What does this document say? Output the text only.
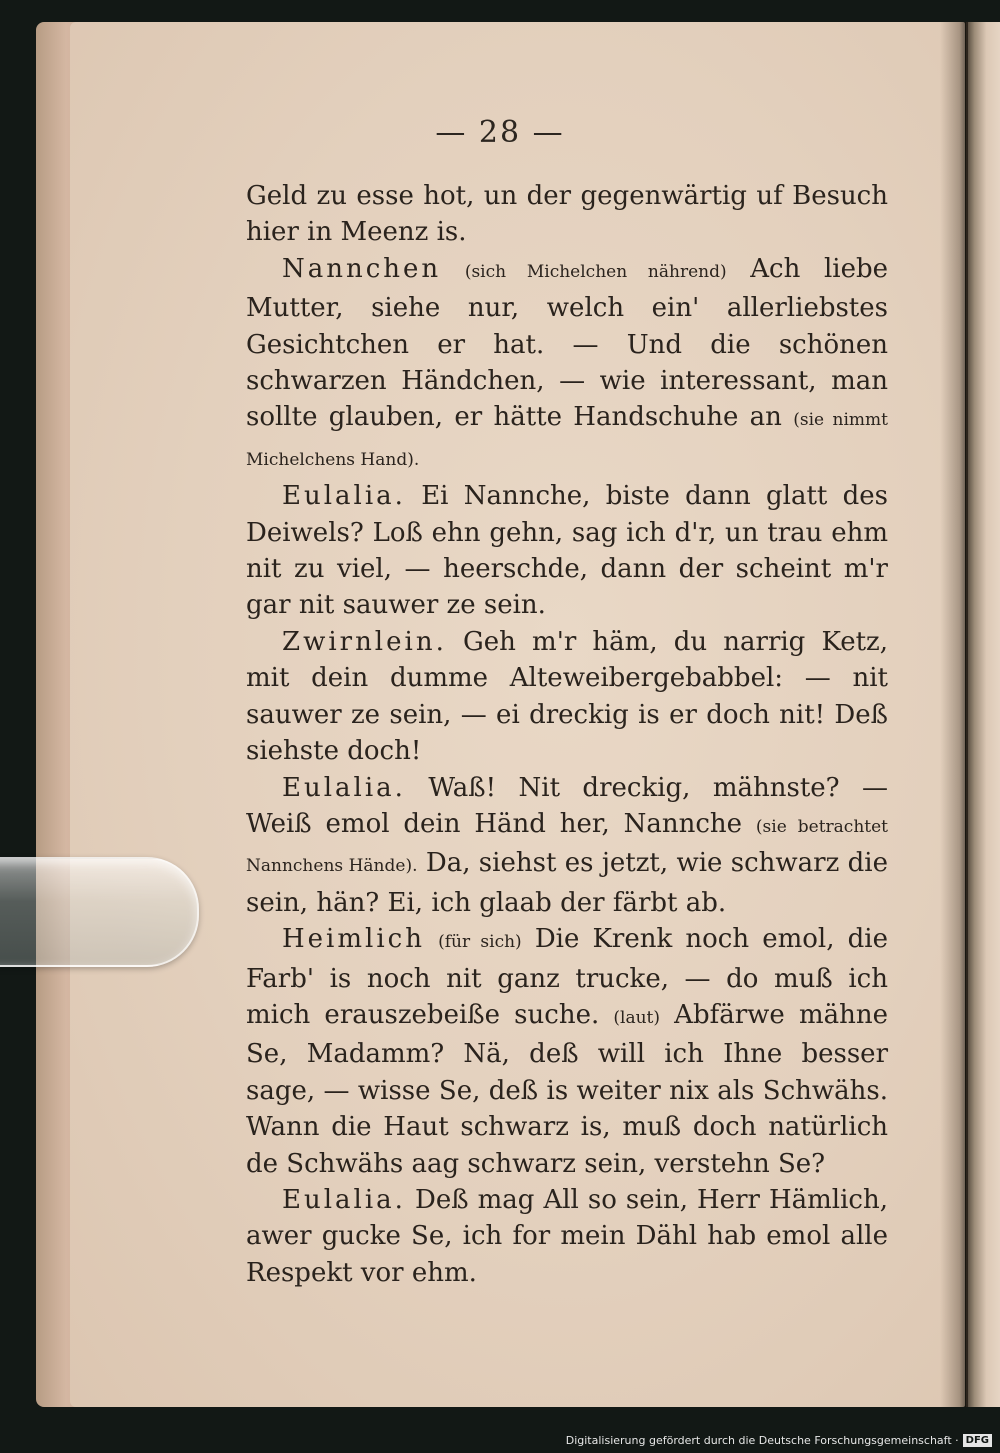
— 28 —

Geld zu esse hot, un der gegenwärtig uf Besuch hier in Meenz is.

Nannchen (sich Michelchen nährend) Ach liebe Mutter, siehe nur, welch ein' allerliebstes Gesichtchen er hat. — Und die schönen schwarzen Händchen, — wie interessant, man sollte glauben, er hätte Handschuhe an (sie nimmt Michelchens Hand).

Eulalia. Ei Nannche, biste dann glatt des Deiwels? Loß ehn gehn, sag ich d'r, un trau ehm nit zu viel, — heerschde, dann der scheint m'r gar nit sauwer ze sein.

Zwirnlein. Geh m'r häm, du narrig Ketz, mit dein dumme Alteweibergebabbel: — nit sauwer ze sein, — ei dreckig is er doch nit! Deß siehste doch!

Eulalia. Waß! Nit dreckig, mähnste? — Weiß emol dein Händ her, Nannche (sie betrachtet Nannchens Hände). Da, siehst es jetzt, wie schwarz die sein, hän? Ei, ich glaab der färbt ab.

Heimlich (für sich) Die Krenk noch emol, die Farb' is noch nit ganz trucke, — do muß ich mich erauszebeiße suche. (laut) Abfärwe mähne Se, Madamm? Nä, deß will ich Ihne besser sage, — wisse Se, deß is weiter nix als Schwähs. Wann die Haut schwarz is, muß doch natürlich de Schwähs aag schwarz sein, verstehn Se?

Eulalia. Deß mag All so sein, Herr Hämlich, awer gucke Se, ich for mein Dähl hab emol alle Respekt vor ehm.

Digitalisierung gefördert durch die Deutsche Forschungsgemeinschaft · DFG
